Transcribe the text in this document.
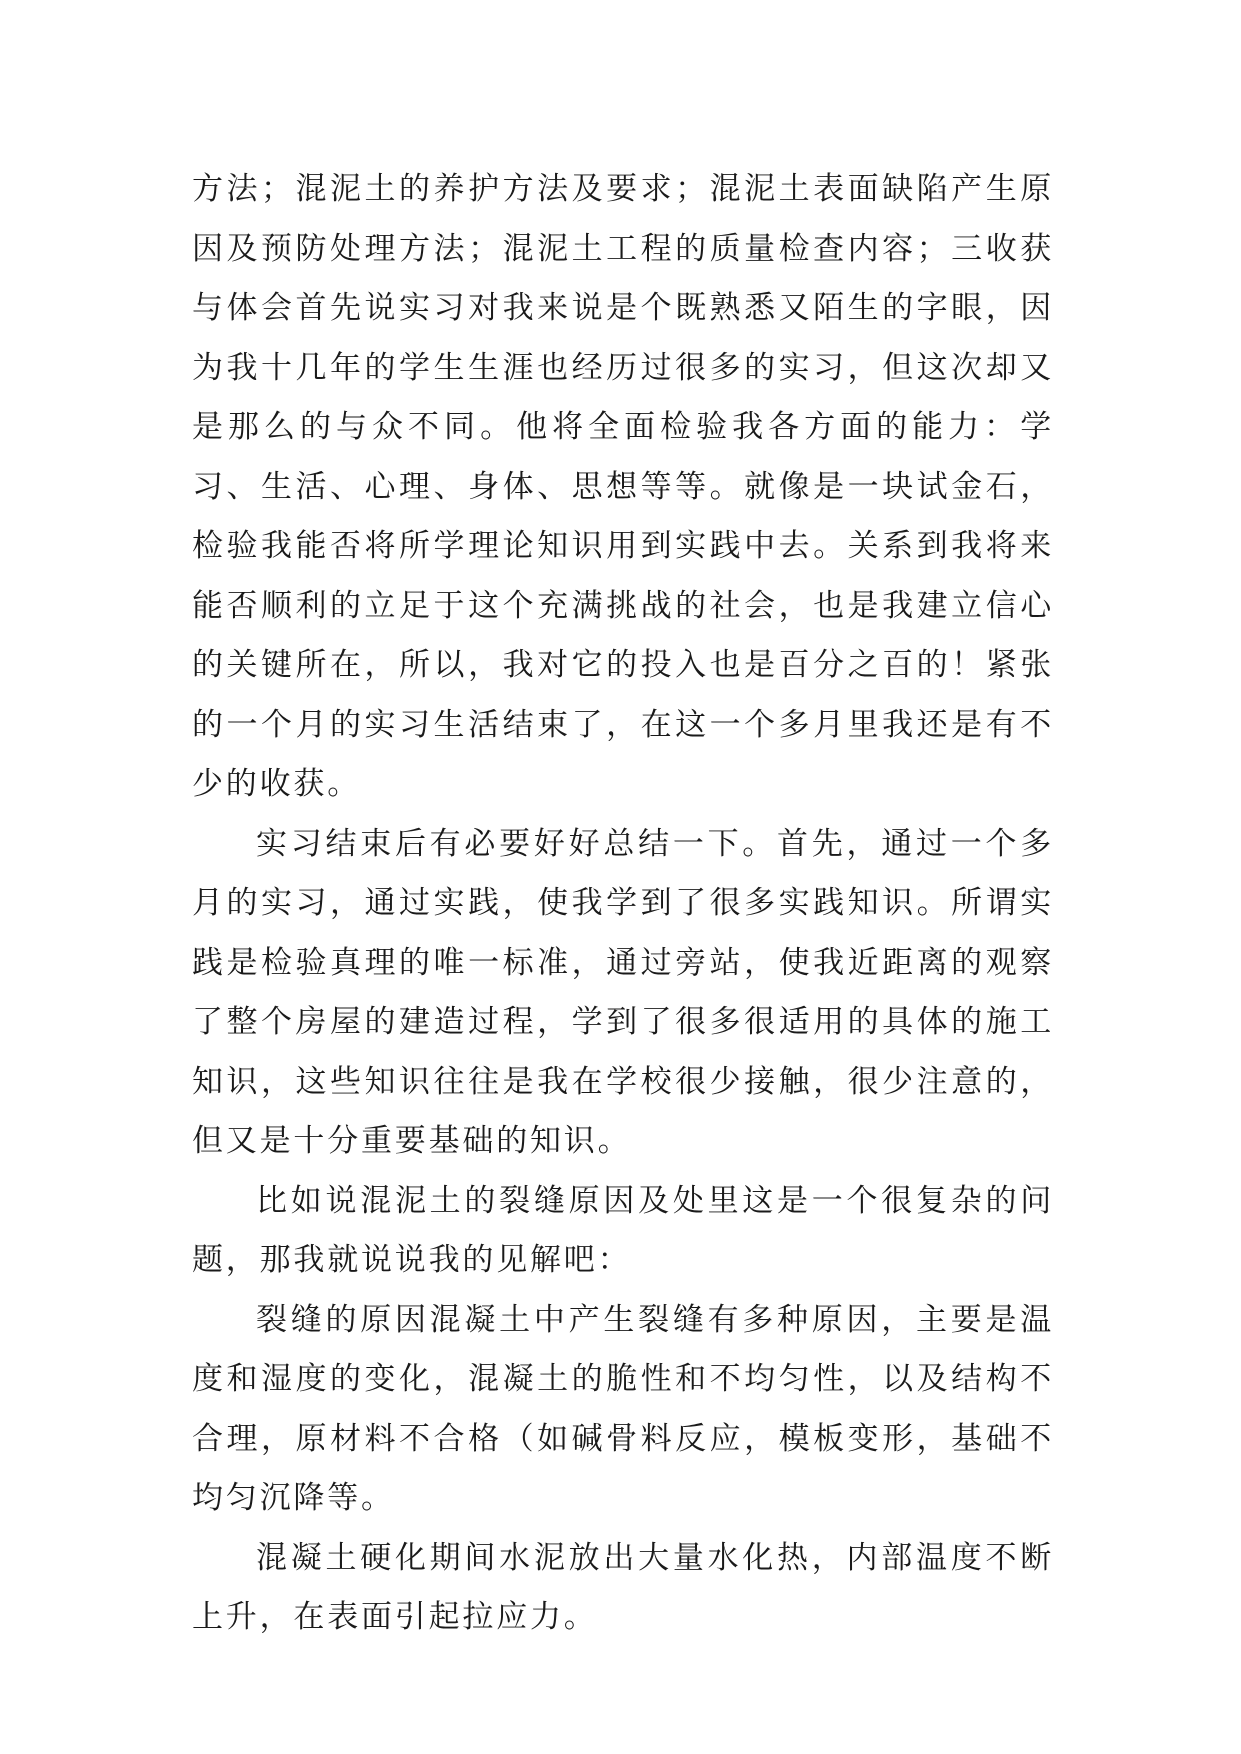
方法；混泥土的养护方法及要求；混泥土表面缺陷产生原因及预防处理方法；混泥土工程的质量检查内容；三收获与体会首先说实习对我来说是个既熟悉又陌生的字眼，因为我十几年的学生生涯也经历过很多的实习，但这次却又是那么的与众不同。他将全面检验我各方面的能力：学习、生活、心理、身体、思想等等。就像是一块试金石，检验我能否将所学理论知识用到实践中去。关系到我将来能否顺利的立足于这个充满挑战的社会，也是我建立信心的关键所在，所以，我对它的投入也是百分之百的！紧张的一个月的实习生活结束了，在这一个多月里我还是有不少的收获。

实习结束后有必要好好总结一下。首先，通过一个多月的实习，通过实践，使我学到了很多实践知识。所谓实践是检验真理的唯一标准，通过旁站，使我近距离的观察了整个房屋的建造过程，学到了很多很适用的具体的施工知识，这些知识往往是我在学校很少接触，很少注意的，但又是十分重要基础的知识。

比如说混泥土的裂缝原因及处里这是一个很复杂的问题，那我就说说我的见解吧：

裂缝的原因混凝土中产生裂缝有多种原因，主要是温度和湿度的变化，混凝土的脆性和不均匀性，以及结构不合理，原材料不合格（如碱骨料反应，模板变形，基础不均匀沉降等。

混凝土硬化期间水泥放出大量水化热，内部温度不断上升，在表面引起拉应力。
